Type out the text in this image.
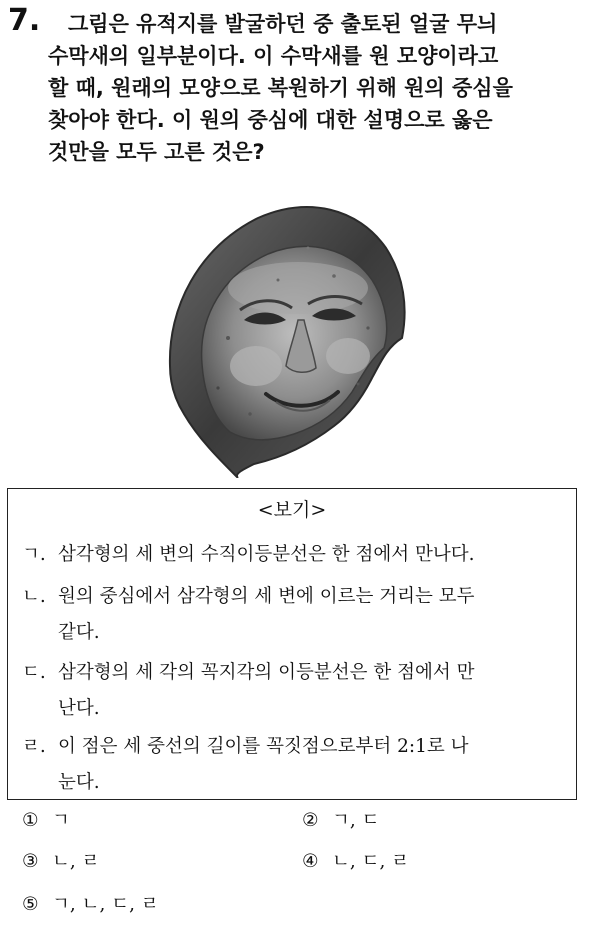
7.	그림은 유적지를 발굴하던 중 출토된 얼굴 무늬
수막새의 일부분이다. 이 수막새를 원 모양이라고
할 때, 원래의 모양으로 복원하기 위해 원의 중심을
찾아야 한다. 이 원의 중심에 대한 설명으로 옳은
것만을 모두 고른 것은?
<보기>
ㄱ. 삼각형의 세 변의 수직이등분선은 한 점에서 만나다.
ㄴ. 원의 중심에서 삼각형의 세 변에 이르는 거리는 모두
같다.
ㄷ. 삼각형의 세 각의 꼭지각의 이등분선은 한 점에서 만
난다.
ㄹ. 이 점은 세 중선의 길이를 꼭짓점으로부터 2:1로 나
눈다.
① ㄱ	② ㄱ, ㄷ
③ ㄴ, ㄹ	④ ㄴ, ㄷ, ㄹ
⑤ ㄱ, ㄴ, ㄷ, ㄹ
